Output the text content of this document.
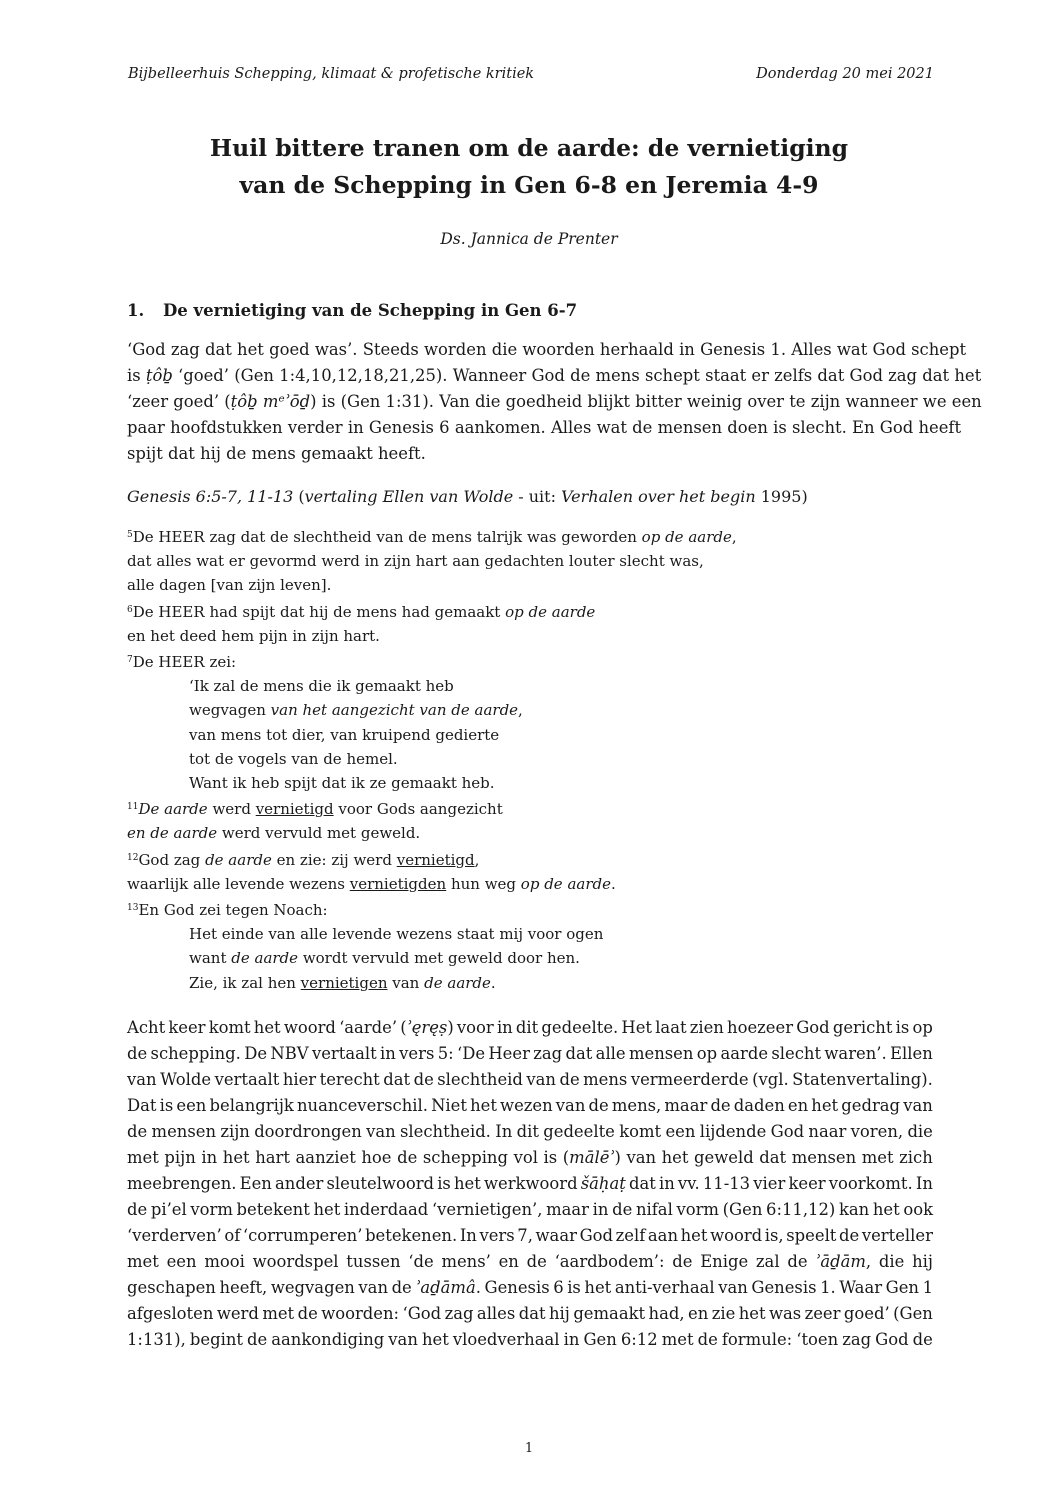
Bijbelleerhuis Schepping, klimaat & profetische kritiek	Donderdag 20 mei 2021
Huil bittere tranen om de aarde: de vernietiging
van de Schepping in Gen 6-8 en Jeremia 4-9
Ds. Jannica de Prenter
1. De vernietiging van de Schepping in Gen 6-7
‘God zag dat het goed was’. Steeds worden die woorden herhaald in Genesis 1. Alles wat God schept
is ṭôḇ ‘goed’ (Gen 1:4,10,12,18,21,25). Wanneer God de mens schept staat er zelfs dat God zag dat het
‘zeer goed’ (ṭôḇ mᵉʾōḏ) is (Gen 1:31). Van die goedheid blijkt bitter weinig over te zijn wanneer we een
paar hoofdstukken verder in Genesis 6 aankomen. Alles wat de mensen doen is slecht. En God heeft
spijt dat hij de mens gemaakt heeft.
Genesis 6:5-7, 11-13 (vertaling Ellen van Wolde - uit: Verhalen over het begin 1995)
$^5$De HEER zag dat de slechtheid van de mens talrijk was geworden op de aarde,
dat alles wat er gevormd werd in zijn hart aan gedachten louter slecht was,
alle dagen [van zijn leven].
$^6$De HEER had spijt dat hij de mens had gemaakt op de aarde
en het deed hem pijn in zijn hart.
$^7$De HEER zei:
‘Ik zal de mens die ik gemaakt heb
wegvagen van het aangezicht van de aarde,
van mens tot dier, van kruipend gedierte
tot de vogels van de hemel.
Want ik heb spijt dat ik ze gemaakt heb.
$^{11}$De aarde werd vernietigd voor Gods aangezicht
en de aarde werd vervuld met geweld.
$^{12}$God zag de aarde en zie: zij werd vernietigd,
waarlijk alle levende wezens vernietigden hun weg op de aarde.
$^{13}$En God zei tegen Noach:
Het einde van alle levende wezens staat mij voor ogen
want de aarde wordt vervuld met geweld door hen.
Zie, ik zal hen vernietigen van de aarde.
Acht keer komt het woord ‘aarde’ (ʾęręṣ) voor in dit gedeelte. Het laat zien hoezeer God gericht is op
de schepping. De NBV vertaalt in vers 5: ‘De Heer zag dat alle mensen op aarde slecht waren’. Ellen
van Wolde vertaalt hier terecht dat de slechtheid van de mens vermeerderde (vgl. Statenvertaling).
Dat is een belangrijk nuanceverschil. Niet het wezen van de mens, maar de daden en het gedrag van
de mensen zijn doordrongen van slechtheid. In dit gedeelte komt een lijdende God naar voren, die
met pijn in het hart aanziet hoe de schepping vol is (mālēʾ) van het geweld dat mensen met zich
meebrengen. Een ander sleutelwoord is het werkwoord šāḥaṭ dat in vv. 11-13 vier keer voorkomt. In
de pi’el vorm betekent het inderdaad ‘vernietigen’, maar in de nifal vorm (Gen 6:11,12) kan het ook
‘verderven’ of ‘corrumperen’ betekenen. In vers 7, waar God zelf aan het woord is, speelt de verteller
met een mooi woordspel tussen ‘de mens’ en de ‘aardbodem’: de Enige zal de ʾāḏām, die hij
geschapen heeft, wegvagen van de ʾaḏāmâ. Genesis 6 is het anti-verhaal van Genesis 1. Waar Gen 1
afgesloten werd met de woorden: ‘God zag alles dat hij gemaakt had, en zie het was zeer goed’ (Gen
1:131), begint de aankondiging van het vloedverhaal in Gen 6:12 met de formule: ‘toen zag God de
1
